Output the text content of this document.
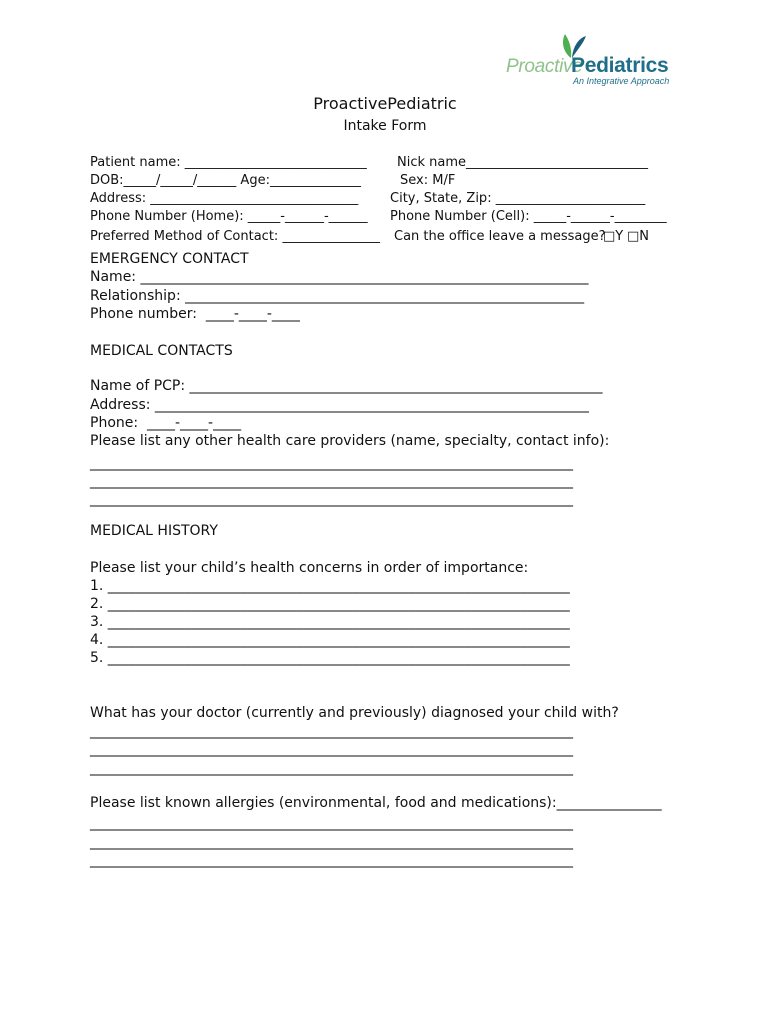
Proactive
Pediatrics
An Integrative Approach
ProactivePediatric
Intake Form
Patient name: ____________________________ Nick name____________________________
DOB:_____/_____/______ Age:______________	Sex: M/F
Address: ________________________________ City, State, Zip: _______________________
Phone Number (Home): _____-______-______ Phone Number (Cell): _____-______-________
Preferred Method of Contact: _______________ Can the office leave a message?
□Y □N
EMERGENCY CONTACT
Name: ________________________________________________________________
Relationship: _________________________________________________________
Phone number:  ____-____-____
MEDICAL CONTACTS
Name of PCP: ___________________________________________________________
Address: ______________________________________________________________
Phone:  ____-____-____
Please list any other health care providers (name, specialty, contact info):
_____________________________________________________________________
_____________________________________________________________________
_____________________________________________________________________
MEDICAL HISTORY
Please list your child’s health concerns in order of importance:
1. __________________________________________________________________
2. __________________________________________________________________
3. __________________________________________________________________
4. __________________________________________________________________
5. __________________________________________________________________
What has your doctor (currently and previously) diagnosed your child with?
_____________________________________________________________________
_____________________________________________________________________
_____________________________________________________________________
Please list known allergies (environmental, food and medications):_______________
_____________________________________________________________________
_____________________________________________________________________
_____________________________________________________________________
